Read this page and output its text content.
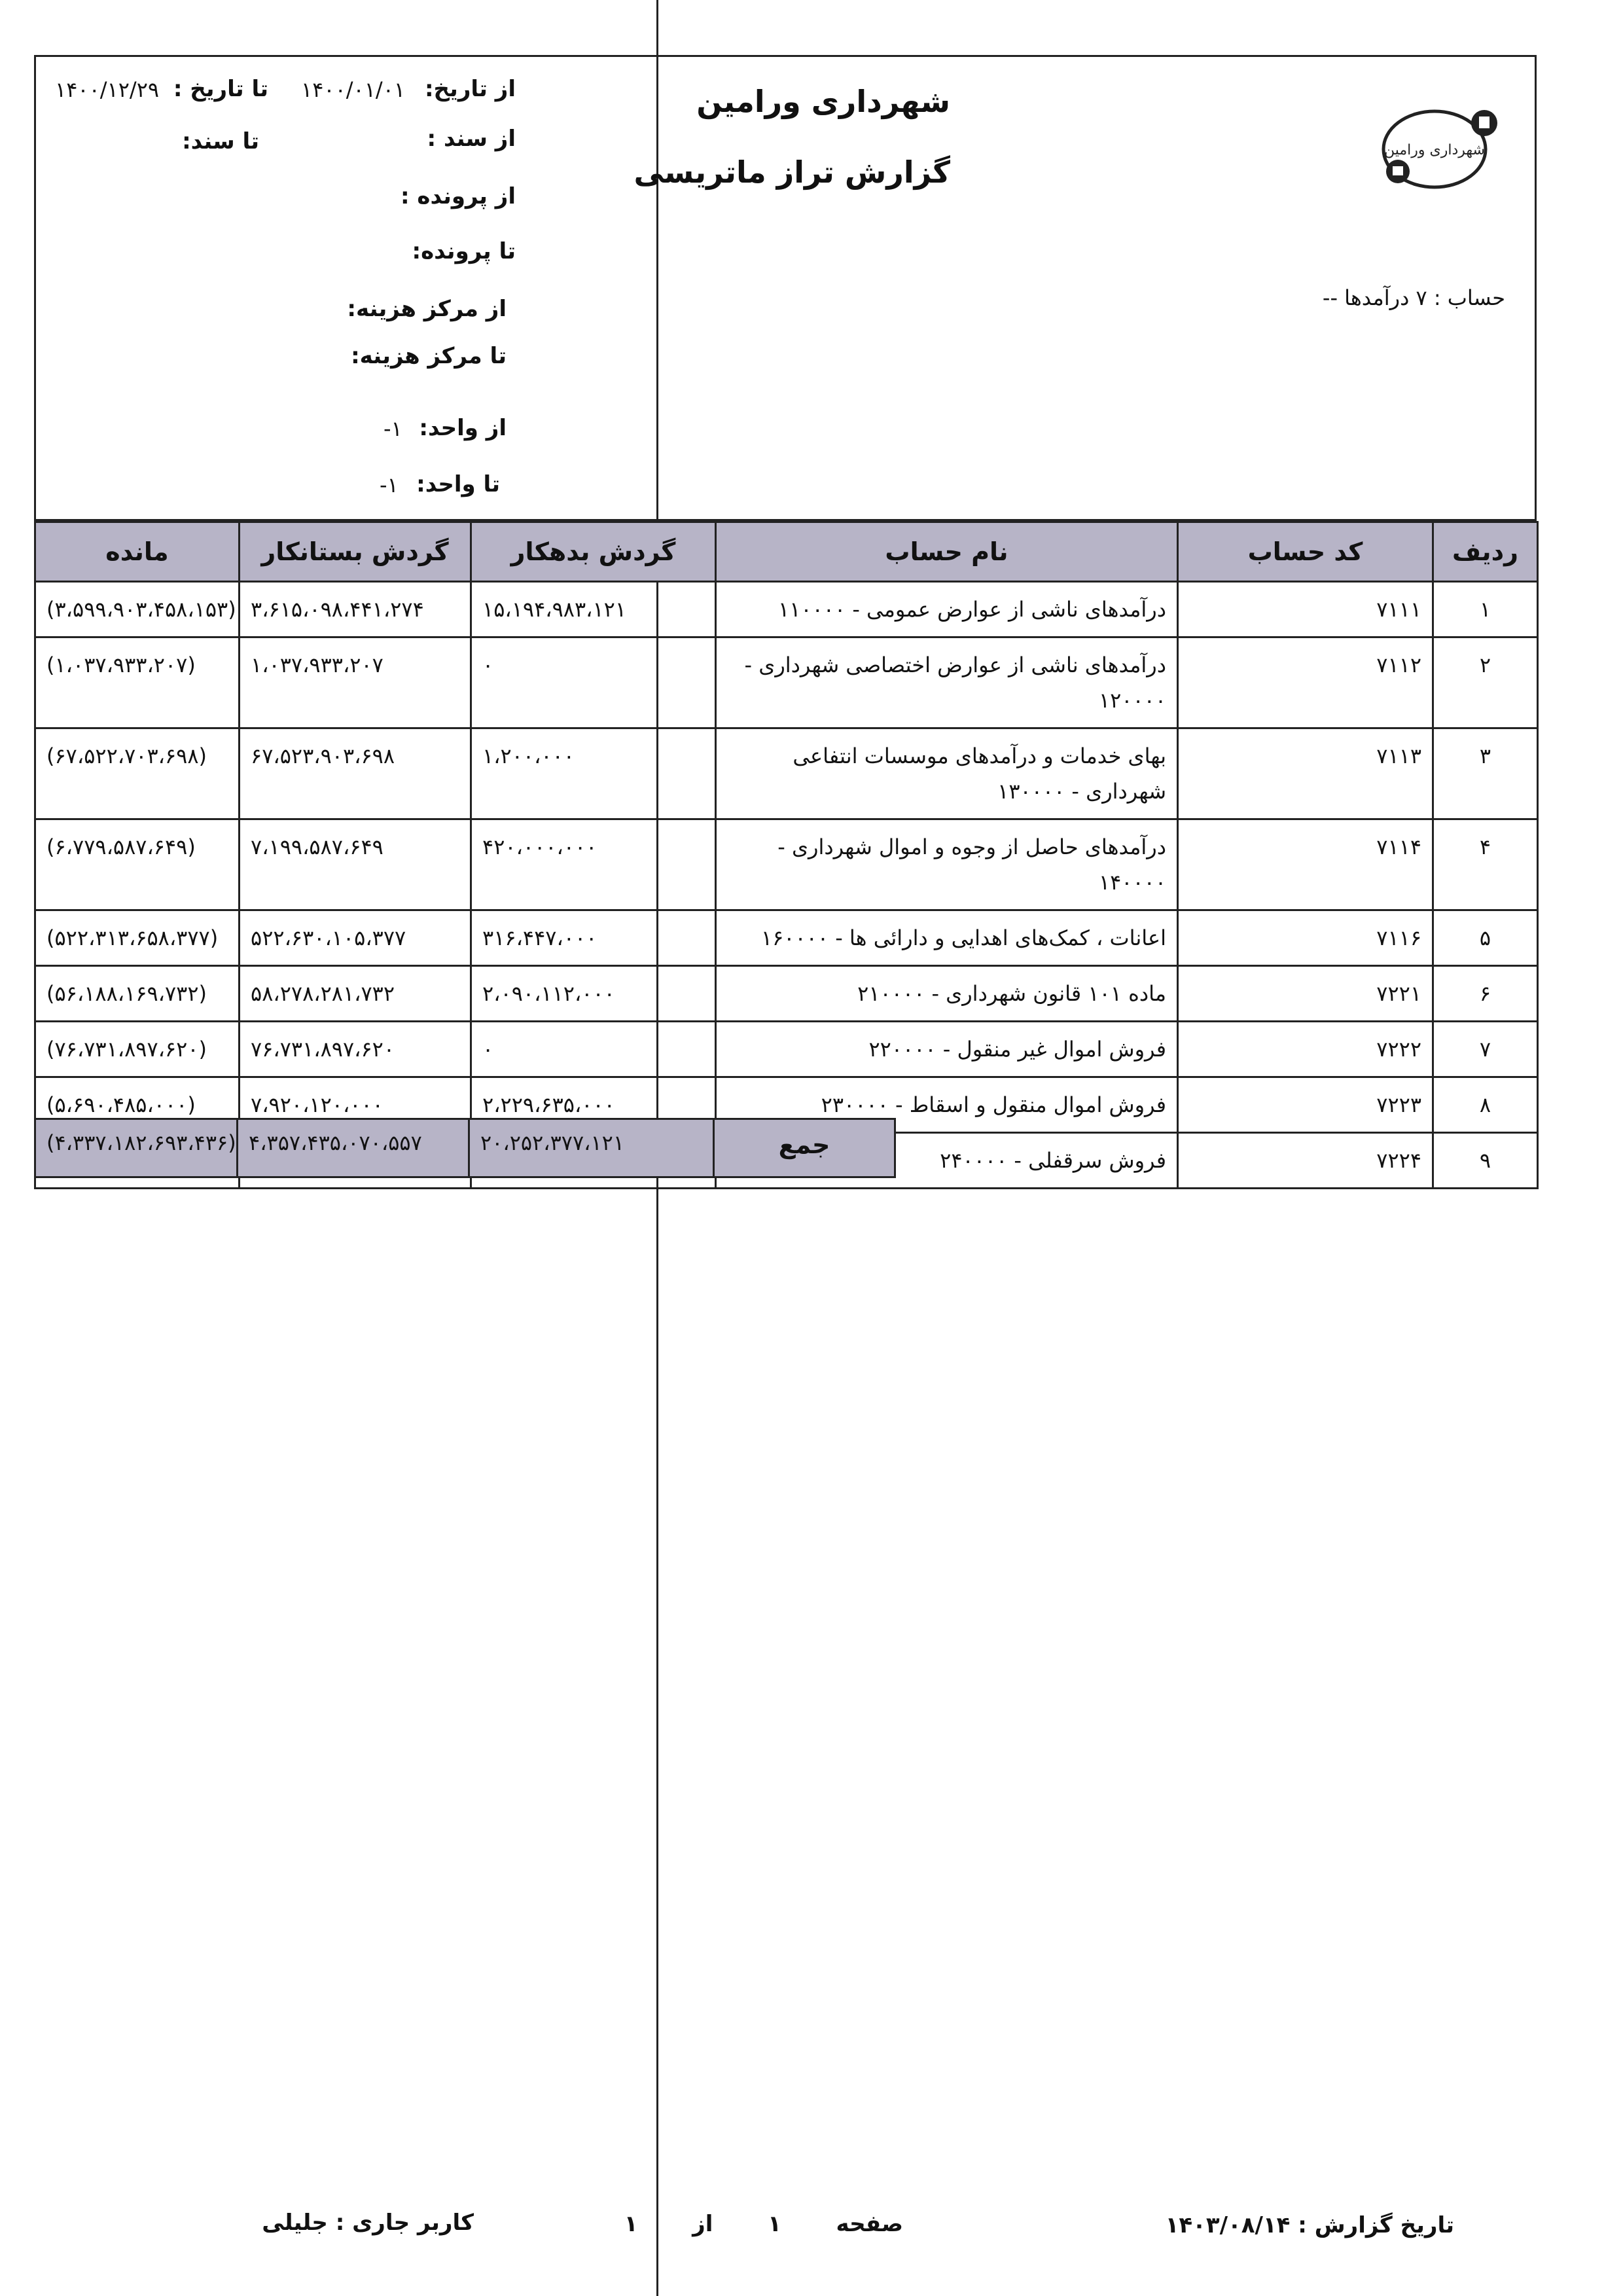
شهرداری ورامین
شهرداری ورامین
گزارش تراز ماتریسی
حساب : ۷ درآمدها --
از تاریخ:
۱۴۰۰/۰۱/۰۱
تا تاریخ :
۱۴۰۰/۱۲/۲۹
از سند :
تا سند:
از پرونده :
تا پرونده:
از مرکز هزینه:
تا مرکز هزینه:
از واحد:
-۱
تا واحد:
-۱
ردیف	کد حساب	نام حساب	گردش بدهکار	گردش بستانکار	مانده
۱	۷۱۱۱	درآمدهای ناشی از عوارض عمومی - ۱۱۰۰۰۰	۱۵،۱۹۴،۹۸۳،۱۲۱	۳،۶۱۵،۰۹۸،۴۴۱،۲۷۴	(۳،۵۹۹،۹۰۳،۴۵۸،۱۵۳)
۲	۷۱۱۲	درآمدهای ناشی از عوارض اختصاصی شهرداری - ۱۲۰۰۰۰	۰	۱،۰۳۷،۹۳۳،۲۰۷	(۱،۰۳۷،۹۳۳،۲۰۷)
۳	۷۱۱۳	بهای خدمات و درآمدهای موسسات انتفاعی شهرداری - ۱۳۰۰۰۰	۱،۲۰۰،۰۰۰	۶۷،۵۲۳،۹۰۳،۶۹۸	(۶۷،۵۲۲،۷۰۳،۶۹۸)
۴	۷۱۱۴	درآمدهای حاصل از وجوه و اموال شهرداری - ۱۴۰۰۰۰	۴۲۰،۰۰۰،۰۰۰	۷،۱۹۹،۵۸۷،۶۴۹	(۶،۷۷۹،۵۸۷،۶۴۹)
۵	۷۱۱۶	اعانات ، کمک‌های اهدایی و دارائی ها - ۱۶۰۰۰۰	۳۱۶،۴۴۷،۰۰۰	۵۲۲،۶۳۰،۱۰۵،۳۷۷	(۵۲۲،۳۱۳،۶۵۸،۳۷۷)
۶	۷۲۲۱	ماده ۱۰۱ قانون شهرداری - ۲۱۰۰۰۰	۲،۰۹۰،۱۱۲،۰۰۰	۵۸،۲۷۸،۲۸۱،۷۳۲	(۵۶،۱۸۸،۱۶۹،۷۳۲)
۷	۷۲۲۲	فروش اموال غیر منقول - ۲۲۰۰۰۰	۰	۷۶،۷۳۱،۸۹۷،۶۲۰	(۷۶،۷۳۱،۸۹۷،۶۲۰)
۸	۷۲۲۳	فروش اموال منقول و اسقاط - ۲۳۰۰۰۰	۲،۲۲۹،۶۳۵،۰۰۰	۷،۹۲۰،۱۲۰،۰۰۰	(۵،۶۹۰،۴۸۵،۰۰۰)
۹	۷۲۲۴	فروش سرقفلی - ۲۴۰۰۰۰			
(۴،۳۳۷،۱۸۲،۶۹۳،۴۳۶) ۴،۳۵۷،۴۳۵،۰۷۰،۵۵۷	۲۰،۲۵۲،۳۷۷،۱۲۱	جمع
تاریخ گزارش : ۱۴۰۳/۰۸/۱۴
صفحه  ۱  از  ۱
کاربر جاری : جلیلی
